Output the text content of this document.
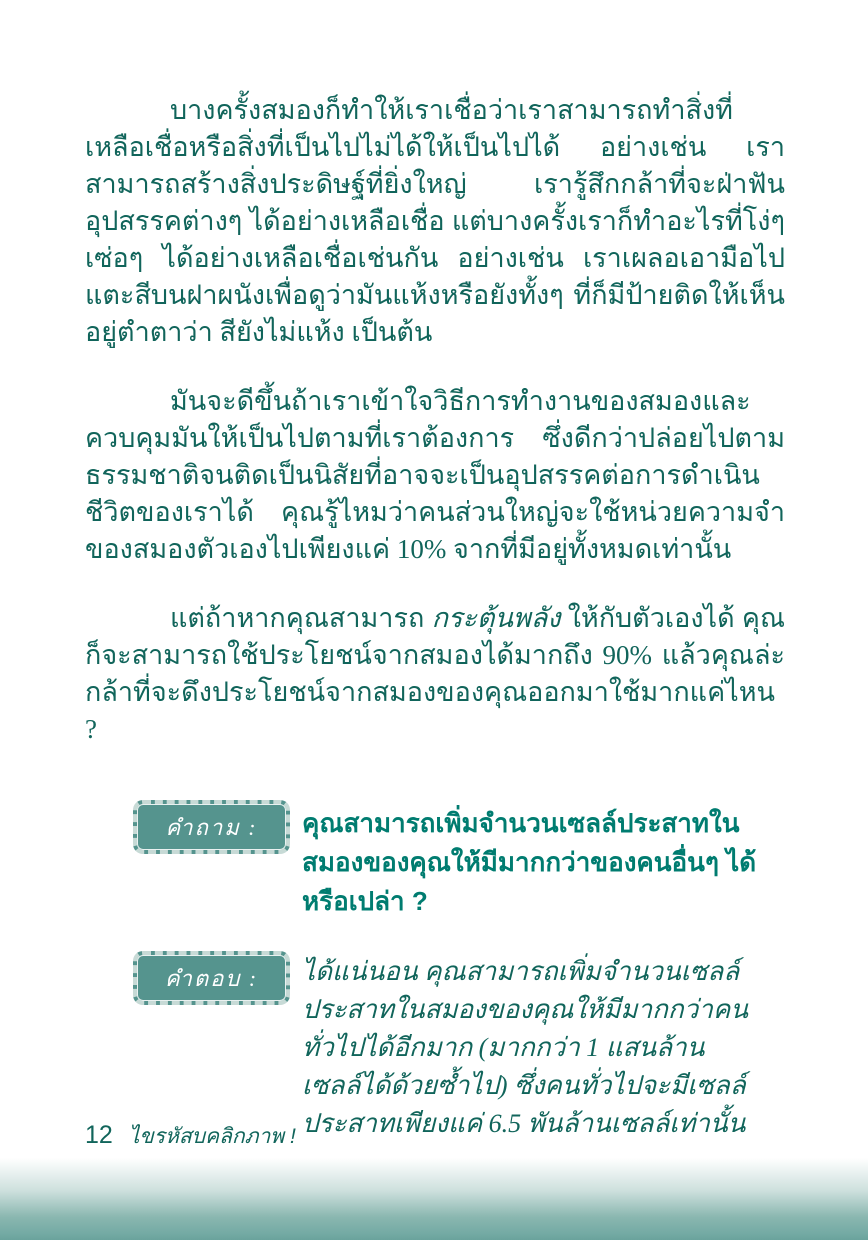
บางครั้งสมองก็ทำให้เราเชื่อว่าเราสามารถทำสิ่งที่เหลือเชื่อหรือสิ่งที่เป็นไปไม่ได้ให้เป็นไปได้ อย่างเช่น เราสามารถสร้างสิ่งประดิษฐ์ที่ยิ่งใหญ่ เรารู้สึกกล้าที่จะฝ่าฟันอุปสรรคต่างๆ ได้อย่างเหลือเชื่อ แต่บางครั้งเราก็ทำอะไรที่โง่ๆ เซ่อๆ ได้อย่างเหลือเชื่อเช่นกัน อย่างเช่น เราเผลอเอามือไปแตะสีบนฝาผนังเพื่อดูว่ามันแห้งหรือยังทั้งๆ ที่ก็มีป้ายติดให้เห็นอยู่ตำตาว่า สียังไม่แห้ง เป็นต้น

มันจะดีขึ้นถ้าเราเข้าใจวิธีการทำงานของสมองและควบคุมมันให้เป็นไปตามที่เราต้องการ ซึ่งดีกว่าปล่อยไปตามธรรมชาติจนติดเป็นนิสัยที่อาจจะเป็นอุปสรรคต่อการดำเนินชีวิตของเราได้ คุณรู้ไหมว่าคนส่วนใหญ่จะใช้หน่วยความจำของสมองตัวเองไปเพียงแค่ 10% จากที่มีอยู่ทั้งหมดเท่านั้น

แต่ถ้าหากคุณสามารถ กระตุ้นพลัง ให้กับตัวเองได้ คุณก็จะสามารถใช้ประโยชน์จากสมองได้มากถึง 90% แล้วคุณล่ะ กล้าที่จะดึงประโยชน์จากสมองของคุณออกมาใช้มากแค่ไหน ?

คำถาม : คุณสามารถเพิ่มจำนวนเซลล์ประสาทในสมองของคุณให้มีมากกว่าของคนอื่นๆ ได้หรือเปล่า ?
คำตอบ : ได้แน่นอน คุณสามารถเพิ่มจำนวนเซลล์ประสาทในสมองของคุณให้มีมากกว่าคนทั่วไปได้อีกมาก (มากกว่า 1 แสนล้านเซลล์ได้ด้วยซ้ำไป) ซึ่งคนทั่วไปจะมีเซลล์ประสาทเพียงแค่ 6.5 พันล้านเซลล์เท่านั้น
12 ไขรหัสบคลิกภาพ !
